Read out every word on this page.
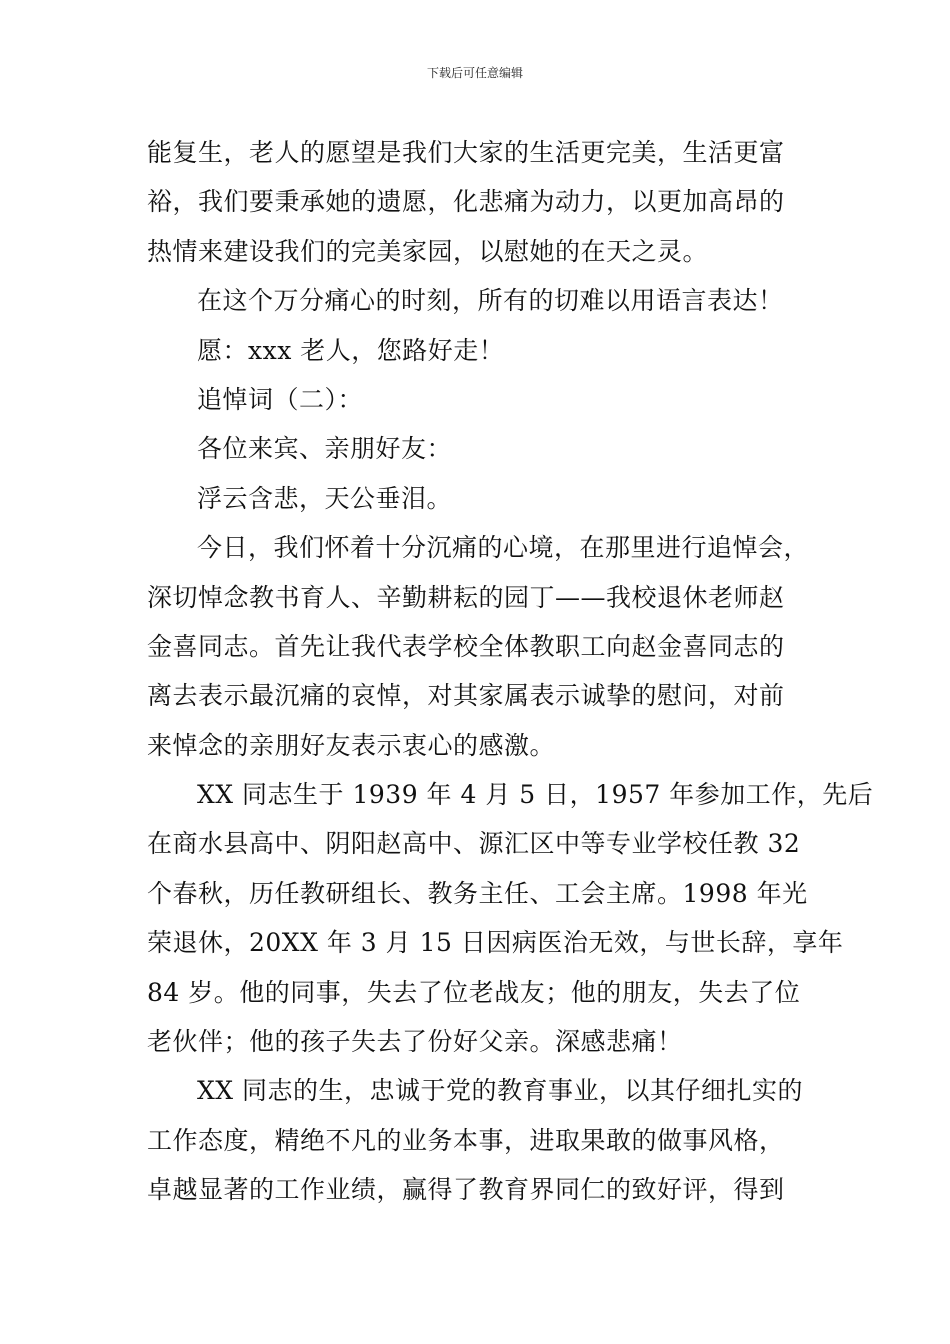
下载后可任意编辑
能复生，老人的愿望是我们大家的生活更完美，生活更富
裕，我们要秉承她的遗愿，化悲痛为动力，以更加高昂的
热情来建设我们的完美家园，以慰她的在天之灵。
在这个万分痛心的时刻，所有的切难以用语言表达！
愿：xxx 老人，您路好走！
追悼词（二）：
各位来宾、亲朋好友：
浮云含悲，天公垂泪。
今日，我们怀着十分沉痛的心境，在那里进行追悼会，
深切悼念教书育人、辛勤耕耘的园丁——我校退休老师赵
金喜同志。首先让我代表学校全体教职工向赵金喜同志的
离去表示最沉痛的哀悼，对其家属表示诚挚的慰问，对前
来悼念的亲朋好友表示衷心的感激。
XX 同志生于 1939 年 4 月 5 日，1957 年参加工作，先后
在商水县高中、阴阳赵高中、源汇区中等专业学校任教 32
个春秋，历任教研组长、教务主任、工会主席。1998 年光
荣退休，20XX 年 3 月 15 日因病医治无效，与世长辞，享年
84 岁。他的同事，失去了位老战友；他的朋友，失去了位
老伙伴；他的孩子失去了份好父亲。深感悲痛！
XX 同志的生，忠诚于党的教育事业，以其仔细扎实的
工作态度，精绝不凡的业务本事，进取果敢的做事风格，
卓越显著的工作业绩，赢得了教育界同仁的致好评，得到
